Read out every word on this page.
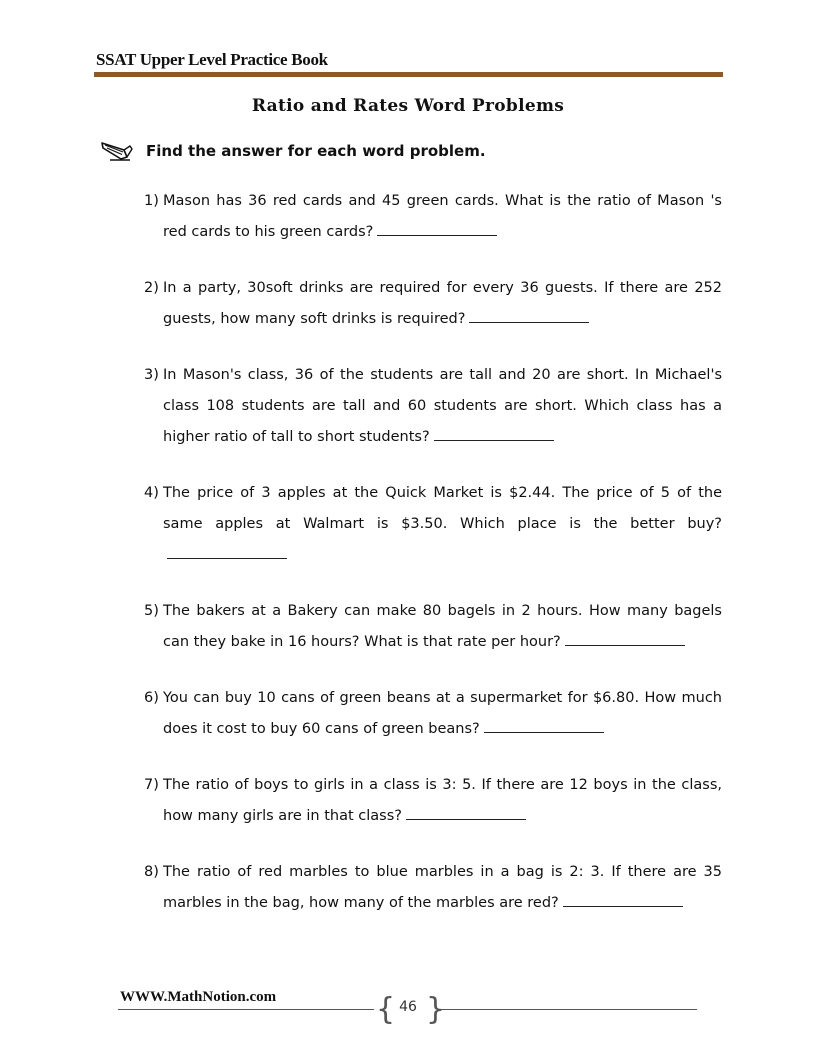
SSAT Upper Level Practice Book
Ratio and Rates Word Problems
Find the answer for each word problem.
1) Mason has 36 red cards and 45 green cards. What is the ratio of Mason 's red cards to his green cards?
2) In a party, 30soft drinks are required for every 36 guests. If there are 252 guests, how many soft drinks is required?
3) In Mason's class, 36 of the students are tall and 20 are short. In Michael's class 108 students are tall and 60 students are short. Which class has a higher ratio of tall to short students?
4) The price of 3 apples at the Quick Market is $2.44. The price of 5 of the same apples at Walmart is $3.50. Which place is the better buy?
5) The bakers at a Bakery can make 80 bagels in 2 hours. How many bagels can they bake in 16 hours? What is that rate per hour?
6) You can buy 10 cans of green beans at a supermarket for $6.80. How much does it cost to buy 60 cans of green beans?
7) The ratio of boys to girls in a class is 3: 5. If there are 12 boys in the class, how many girls are in that class?
8) The ratio of red marbles to blue marbles in a bag is 2: 3. If there are 35 marbles in the bag, how many of the marbles are red?
WWW.MathNotion.com	{ }
46
